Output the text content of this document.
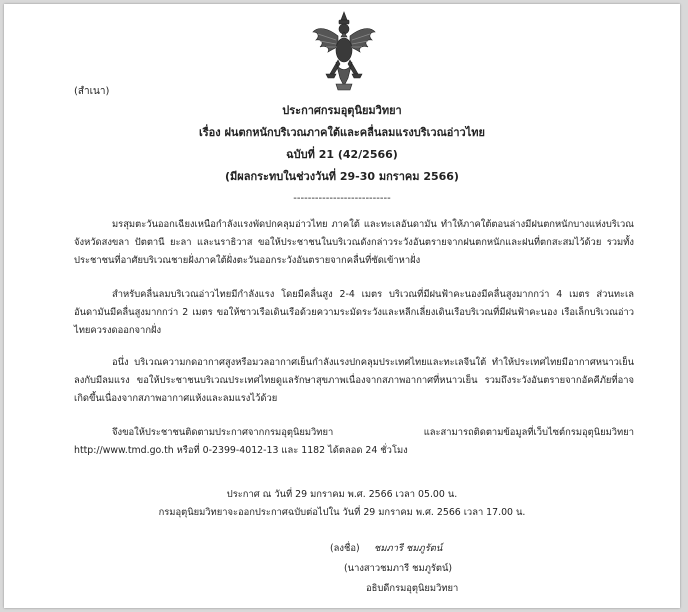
(สำเนา)
ประกาศกรมอุตุนิยมวิทยา
เรื่อง ฝนตกหนักบริเวณภาคใต้และคลื่นลมแรงบริเวณอ่าวไทย
ฉบับที่ 21 (42/2566)
(มีผลกระทบในช่วงวันที่ 29-30 มกราคม 2566)
---------------------------
มรสุมตะวันออกเฉียงเหนือกำลังแรงพัดปกคลุมอ่าวไทย ภาคใต้ และทะเลอันดามัน ทำให้ภาคใต้ตอนล่างมีฝนตกหนักบางแห่งบริเวณจังหวัดสงขลา ปัตตานี ยะลา และนราธิวาส ขอให้ประชาชนในบริเวณดังกล่าวระวังอันตรายจากฝนตกหนักและฝนที่ตกสะสมไว้ด้วย รวมทั้งประชาชนที่อาศัยบริเวณชายฝั่งภาคใต้ฝั่งตะวันออกระวังอันตรายจากคลื่นที่ซัดเข้าหาฝั่ง
สำหรับคลื่นลมบริเวณอ่าวไทยมีกำลังแรง โดยมีคลื่นสูง 2-4 เมตร บริเวณที่มีฝนฟ้าคะนองมีคลื่นสูงมากกว่า 4 เมตร ส่วนทะเลอันดามันมีคลื่นสูงมากกว่า 2 เมตร ขอให้ชาวเรือเดินเรือด้วยความระมัดระวังและหลีกเลี่ยงเดินเรือบริเวณที่มีฝนฟ้าคะนอง เรือเล็กบริเวณอ่าวไทยควรงดออกจากฝั่ง
อนึ่ง บริเวณความกดอากาศสูงหรือมวลอากาศเย็นกำลังแรงปกคลุมประเทศไทยและทะเลจีนใต้ ทำให้ประเทศไทยมีอากาศหนาวเย็นลงกับมีลมแรง ขอให้ประชาชนบริเวณประเทศไทยดูแลรักษาสุขภาพเนื่องจากสภาพอากาศที่หนาวเย็น รวมถึงระวังอันตรายจากอัคคีภัยที่อาจเกิดขึ้นเนื่องจากสภาพอากาศแห้งและลมแรงไว้ด้วย
จึงขอให้ประชาชนติดตามประกาศจากกรมอุตุนิยมวิทยา และสามารถติดตามข้อมูลที่เว็บไซต์กรมอุตุนิยมวิทยา http://www.tmd.go.th หรือที่ 0-2399-4012-13 และ 1182 ได้ตลอด 24 ชั่วโมง
ประกาศ ณ วันที่ 29 มกราคม พ.ศ. 2566 เวลา 05.00 น.
กรมอุตุนิยมวิทยาจะออกประกาศฉบับต่อไปใน วันที่ 29 มกราคม พ.ศ. 2566 เวลา 17.00 น.
(ลงชื่อ) ชมภารี ชมภูรัตน์
(นางสาวชมภารี ชมภูรัตน์)
อธิบดีกรมอุตุนิยมวิทยา
